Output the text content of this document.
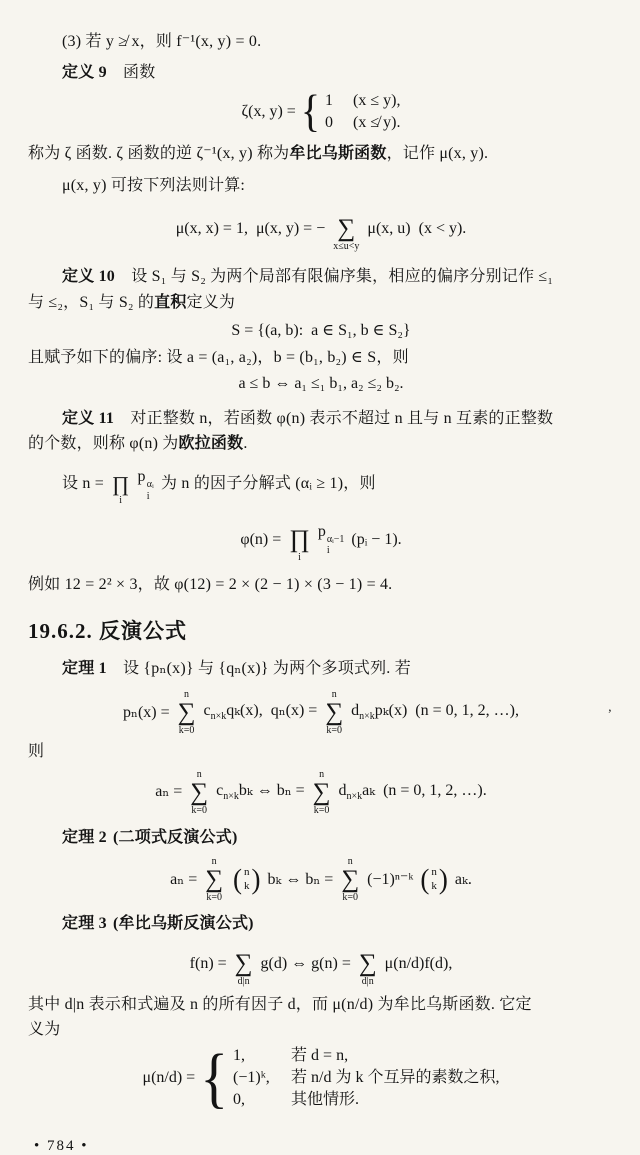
(3) 若 y ≱ x，则 f⁻¹(x, y) = 0.
定义 9 函数
ζ(x, y) = { 1	(x ≤ y),
0	(x ≰ y).
称为 ζ 函数. ζ 函数的逆 ζ⁻¹(x, y) 称为牟比乌斯函数，记作 μ(x, y).
μ(x, y) 可按下列法则计算:
μ(x, x) = 1,  μ(x, y) = − ∑
x≤u<y
μ(x, u)  (x < y).
定义 10 设 S₁ 与 S₂ 为两个局部有限偏序集，相应的偏序分别记作 ≤₁
与 ≤₂，S₁ 与 S₂ 的直积定义为
S = {(a, b):  a ∈ S₁, b ∈ S₂}
且赋予如下的偏序: 设 a = (a₁, a₂)，b = (b₁, b₂) ∈ S，则
a ≤ b ⇔ a₁ ≤₁ b₁, a₂ ≤₂ b₂.
定义 11 对正整数 n，若函数 φ(n) 表示不超过 n 且与 n 互素的正整数
的个数，则称 φ(n) 为欧拉函数.
设 n = ∏
i
p αᵢ
i
为 n 的因子分解式 (αᵢ ≥ 1)，则
φ(n) = ∏
i
p αᵢ−1
i
(pᵢ − 1).
例如 12 = 2² × 3，故 φ(12) = 2 × (2 − 1) × (3 − 1) = 4.
19.6.2. 反演公式
定理 1 设 {pₙ(x)} 与 {qₙ(x)} 为两个多项式列. 若
pₙ(x) =
n
∑
k=0
$c_{n\times k}q_k(x)$,  qₙ(x) =
n
∑
k=0
$d_{n\times k}p_k(x) (n = 0$, 1, 2, …),
则
aₙ =
n
∑
k=0
$c_{n\times k}b_k$ ⇔ bₙ =
n
∑
k=0
$d_{n\times k}a_k$  (n = 0, 1, 2, …).
定理 2 (二项式反演公式)
aₙ =
n
∑
k=0
( n
k ) bₖ ⇔ bₙ =
n
∑
k=0
(−1)ⁿ⁻ᵏ ( n
k ) aₖ.
定理 3 (牟比乌斯反演公式)
f(n) = ∑
d|n
g(d) ⇔ g(n) = ∑
d|n
μ(n/d)f(d),
其中 d|n 表示和式遍及 n 的所有因子 d，而 μ(n/d) 为牟比乌斯函数. 它定
义为
μ(n/d) = { 1,	若 d = n,
(−1)ᵏ,	若 n/d 为 k 个互异的素数之积,
0,	其他情形.
• 784 •
’
